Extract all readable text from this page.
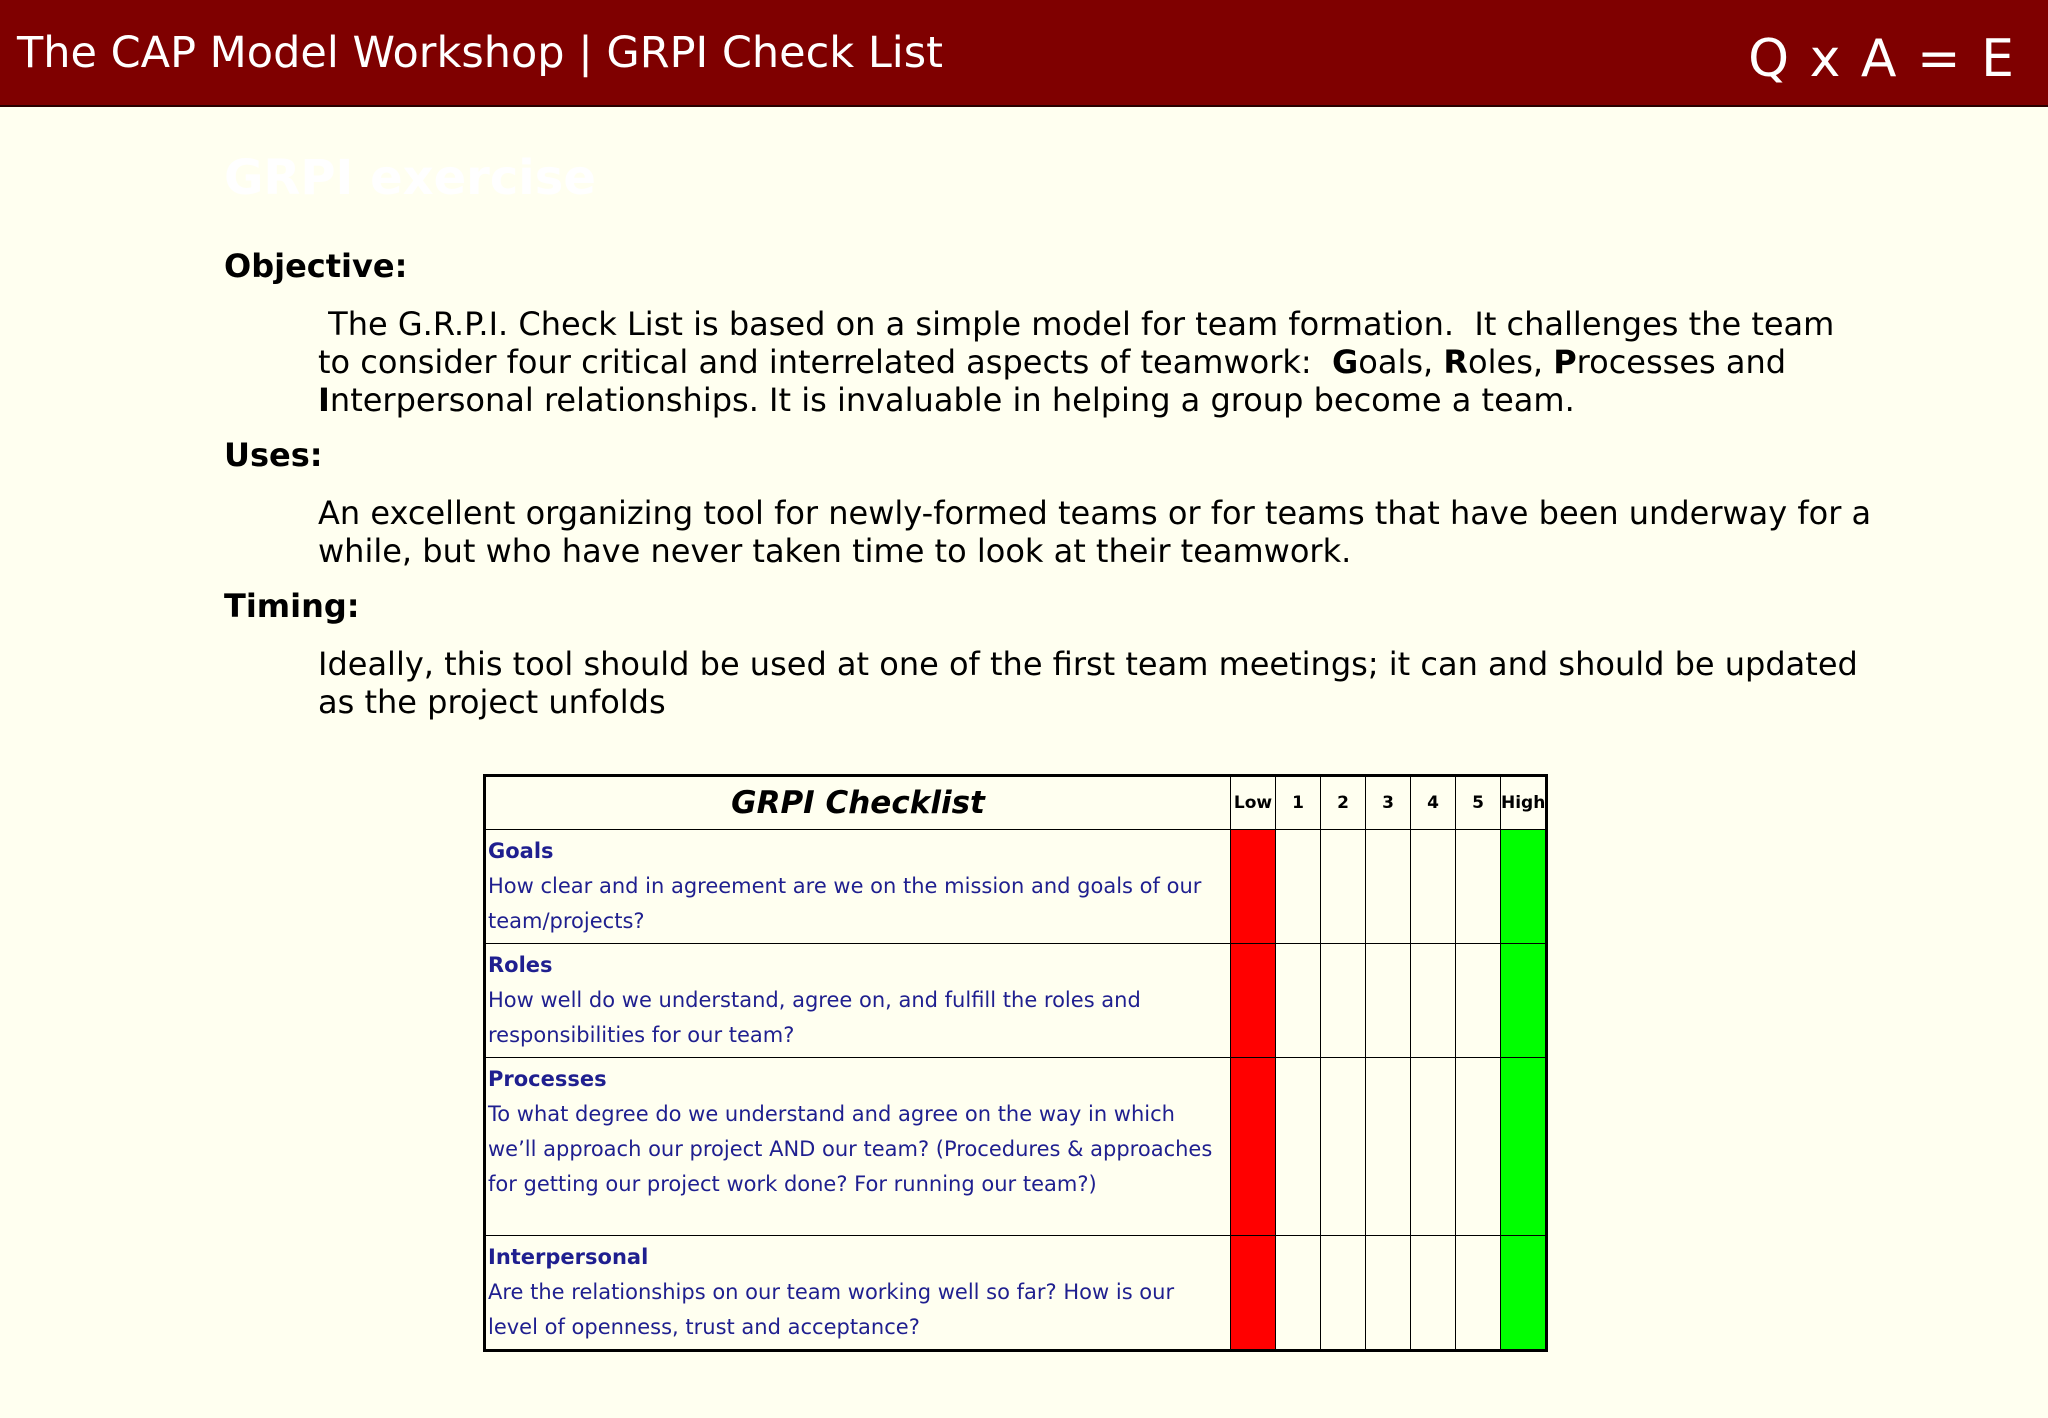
The CAP Model Workshop | GRPI Check List	Q x A = E
GRPI exercise
Objective:
The G.R.P.I. Check List is based on a simple model for team formation.  It challenges the team
to consider four critical and interrelated aspects of teamwork:  Goals, Roles, Processes and
Interpersonal relationships. It is invaluable in helping a group become a team.
Uses:
An excellent organizing tool for newly-formed teams or for teams that have been underway for a while, but who have never taken time to look at their teamwork.
Timing:
Ideally, this tool should be used at one of the first team meetings; it can and should be updated as the project unfolds
GRPI Checklist	Low	1	2	3	4	5	High

Goals
How clear and in agreement are we on the mission and goals of our team/projects?							

Roles
How well do we understand, agree on, and fulfill the roles and responsibilities for our team?							

Processes
To what degree do we understand and agree on the way in which we’ll approach our project AND our team? (Procedures & approaches for getting our project work done? For running our team?)							

Interpersonal
Are the relationships on our team working well so far? How is our level of openness, trust and acceptance?							
